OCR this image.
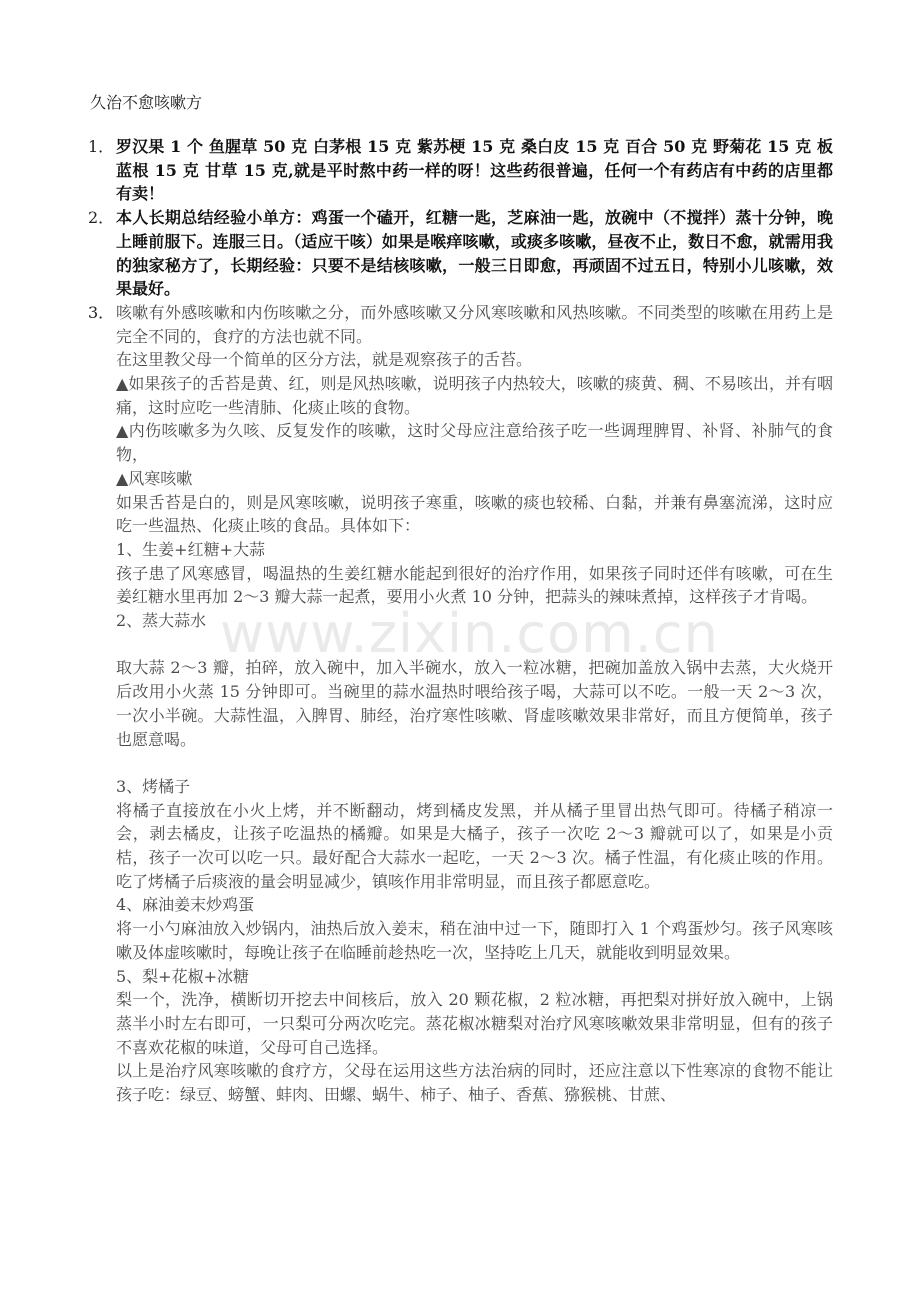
久治不愈咳嗽方
1． 罗汉果 1 个 鱼腥草 50 克 白茅根 15 克 紫苏梗 15 克 桑白皮 15 克 百合 50 克 野菊花 15 克 板蓝根 15 克 甘草 15 克,就是平时熬中药一样的呀！这些药很普遍，任何一个有药店有中药的店里都有卖！

2． 本人长期总结经验小单方：鸡蛋一个磕开，红糖一匙，芝麻油一匙，放碗中（不搅拌）蒸十分钟，晚上睡前服下。连服三日。（适应干咳）如果是喉痒咳嗽，或痰多咳嗽，昼夜不止，数日不愈，就需用我的独家秘方了，长期经验：只要不是结核咳嗽，一般三日即愈，再顽固不过五日，特别小儿咳嗽，效果最好。

3． 咳嗽有外感咳嗽和内伤咳嗽之分，而外感咳嗽又分风寒咳嗽和风热咳嗽。不同类型的咳嗽在用药上是完全不同的，食疗的方法也就不同。

在这里教父母一个简单的区分方法，就是观察孩子的舌苔。

▲如果孩子的舌苔是黄、红，则是风热咳嗽，说明孩子内热较大，咳嗽的痰黄、稠、不易咳出，并有咽痛，这时应吃一些清肺、化痰止咳的食物。

▲内伤咳嗽多为久咳、反复发作的咳嗽，这时父母应注意给孩子吃一些调理脾胃、补肾、补肺气的食物，

▲风寒咳嗽

如果舌苔是白的，则是风寒咳嗽，说明孩子寒重，咳嗽的痰也较稀、白黏，并兼有鼻塞流涕，这时应吃一些温热、化痰止咳的食品。具体如下：

1、生姜+红糖+大蒜

孩子患了风寒感冒，喝温热的生姜红糖水能起到很好的治疗作用，如果孩子同时还伴有咳嗽，可在生姜红糖水里再加 2～3 瓣大蒜一起煮，要用小火煮 10 分钟，把蒜头的辣味煮掉，这样孩子才肯喝。

2、蒸大蒜水

取大蒜 2～3 瓣，拍碎，放入碗中，加入半碗水，放入一粒冰糖，把碗加盖放入锅中去蒸，大火烧开后改用小火蒸 15 分钟即可。当碗里的蒜水温热时喂给孩子喝，大蒜可以不吃。一般一天 2～3 次，一次小半碗。大蒜性温，入脾胃、肺经，治疗寒性咳嗽、肾虚咳嗽效果非常好，而且方便简单，孩子也愿意喝。

3、烤橘子

将橘子直接放在小火上烤，并不断翻动，烤到橘皮发黑，并从橘子里冒出热气即可。待橘子稍凉一会，剥去橘皮，让孩子吃温热的橘瓣。如果是大橘子，孩子一次吃 2～3 瓣就可以了，如果是小贡桔，孩子一次可以吃一只。最好配合大蒜水一起吃，一天 2～3 次。橘子性温，有化痰止咳的作用。吃了烤橘子后痰液的量会明显减少，镇咳作用非常明显，而且孩子都愿意吃。

4、麻油姜末炒鸡蛋

将一小勺麻油放入炒锅内，油热后放入姜末，稍在油中过一下，随即打入 1 个鸡蛋炒匀。孩子风寒咳嗽及体虚咳嗽时，每晚让孩子在临睡前趁热吃一次，坚持吃上几天，就能收到明显效果。

5、梨+花椒+冰糖

梨一个，洗净，横断切开挖去中间核后，放入 20 颗花椒，2 粒冰糖，再把梨对拼好放入碗中，上锅蒸半小时左右即可，一只梨可分两次吃完。蒸花椒冰糖梨对治疗风寒咳嗽效果非常明显，但有的孩子不喜欢花椒的味道，父母可自己选择。

以上是治疗风寒咳嗽的食疗方，父母在运用这些方法治病的同时，还应注意以下性寒凉的食物不能让孩子吃：绿豆、螃蟹、蚌肉、田螺、蜗牛、柿子、柚子、香蕉、猕猴桃、甘蔗、

www.zixin.com.cn
